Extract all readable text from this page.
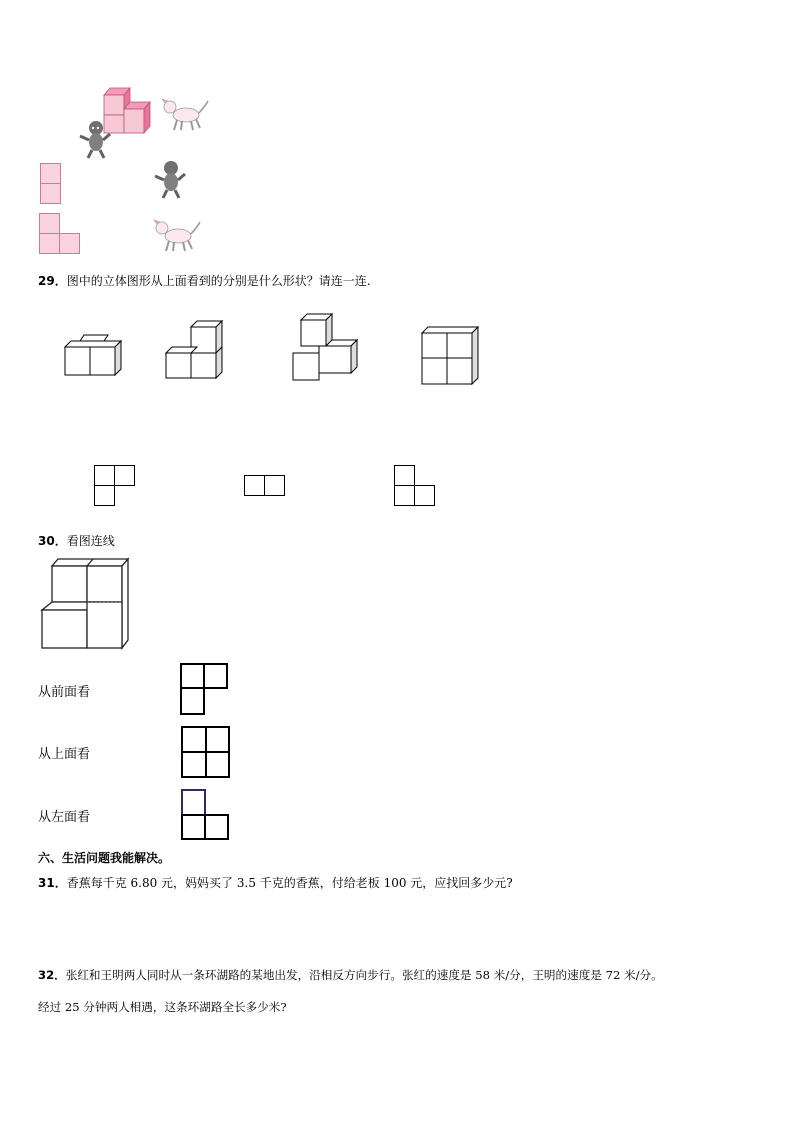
29．图中的立体图形从上面看到的分别是什么形状？请连一连.
30．看图连线
从前面看
从上面看
从左面看
六、生活问题我能解决。
31．香蕉每千克 6.80 元，妈妈买了 3.5 千克的香蕉，付给老板 100 元，应找回多少元?
32．张红和王明两人同时从一条环湖路的某地出发，沿相反方向步行。张红的速度是 58 米/分，王明的速度是 72 米/分。
经过 25 分钟两人相遇，这条环湖路全长多少米?
